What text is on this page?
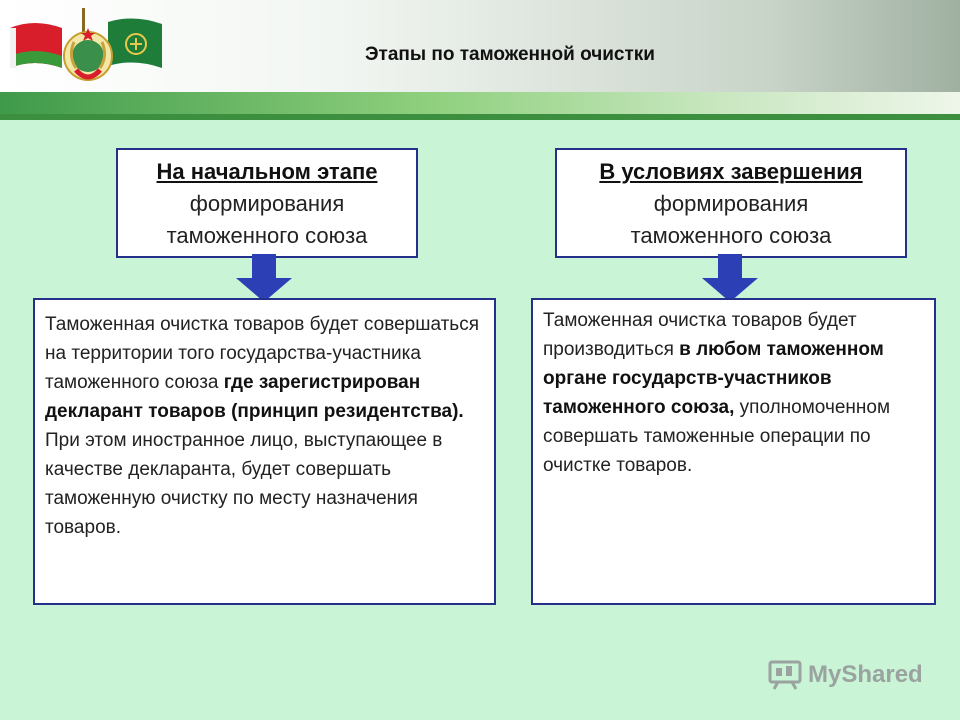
Этапы по таможенной очистки
На начальном этапе
формирования
таможенного союза
В условиях завершения
формирования
таможенного союза
Таможенная очистка товаров будет совершаться на территории того государства-участника таможенного союза где зарегистрирован декларант товаров (принцип резидентства).
При этом иностранное лицо, выступающее в качестве декларанта, будет совершать таможенную очистку по месту назначения товаров.
Таможенная очистка товаров будет производиться в любом таможенном органе государств-участников таможенного союза, уполномоченном совершать таможенные операции по очистке товаров.
MyShared
